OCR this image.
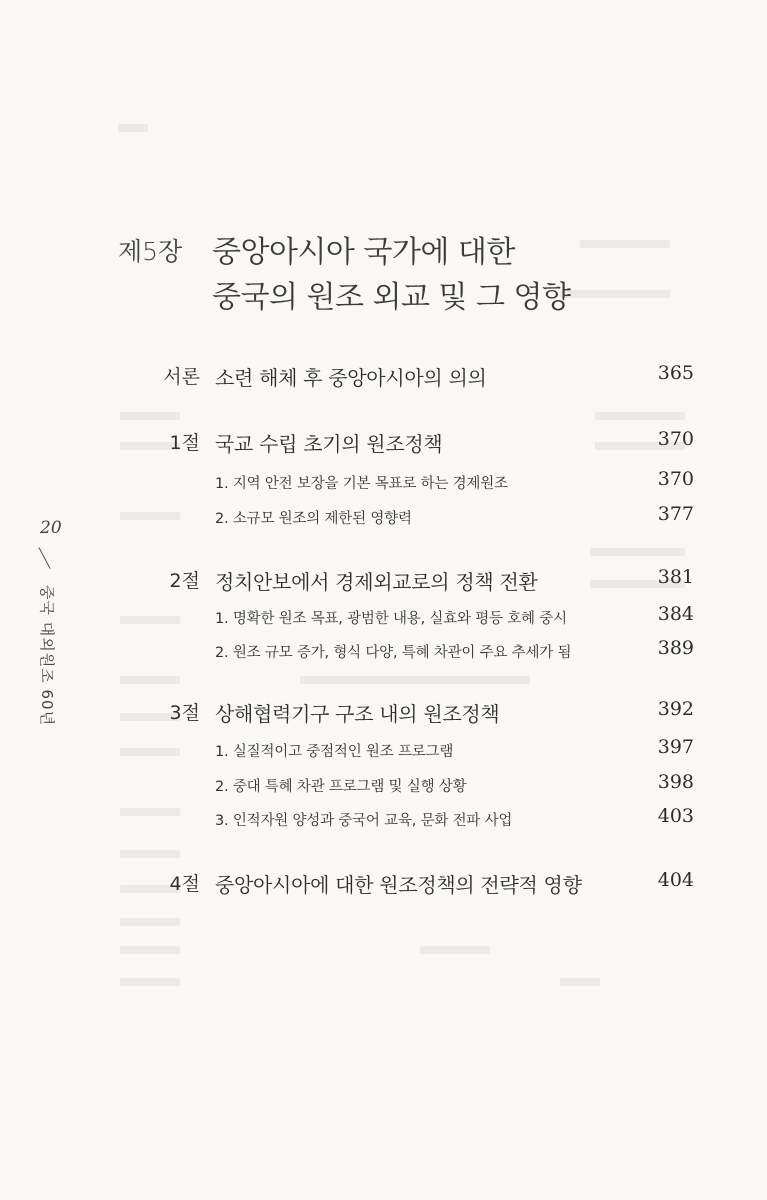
제5장 중앙아시아 국가에 대한
중국의 원조 외교 및 그 영향
서론 소련 해체 후 중앙아시아의 의의	365
1절 국교 수립 초기의 원조정책	370
1. 지역 안전 보장을 기본 목표로 하는 경제원조	370
2. 소규모 원조의 제한된 영향력	377
2절 정치안보에서 경제외교로의 정책 전환	381
1. 명확한 원조 목표, 광범한 내용, 실효와 평등 호혜 중시	384
2. 원조 규모 증가, 형식 다양, 특혜 차관이 주요 추세가 됨	389
3절 상해협력기구 구조 내의 원조정책	392
1. 실질적이고 중점적인 원조 프로그램	397
2. 중대 특혜 차관 프로그램 및 실행 상황	398
3. 인적자원 양성과 중국어 교육, 문화 전파 사업	403
4절 중앙아시아에 대한 원조정책의 전략적 영향	404
20
중국 대외원조 60년
